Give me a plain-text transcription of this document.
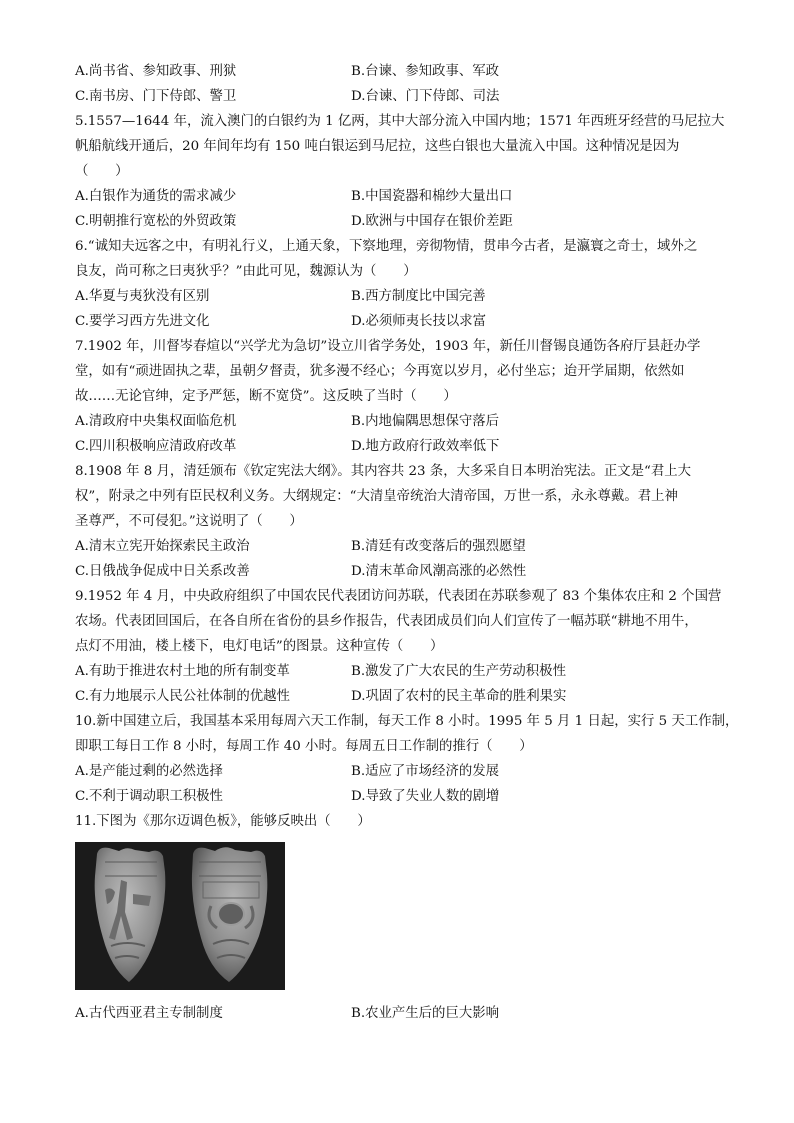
A.尚书省、参知政事、刑狱	B.台谏、参知政事、军政
C.南书房、门下侍郎、警卫	D.台谏、门下侍郎、司法
5.1557—1644 年，流入澳门的白银约为 1 亿两，其中大部分流入中国内地；1571 年西班牙经营的马尼拉大
帆船航线开通后，20 年间年均有 150 吨白银运到马尼拉，这些白银也大量流入中国。这种情况是因为
（　　）
A.白银作为通货的需求减少	B.中国瓷器和棉纱大量出口
C.明朝推行宽松的外贸政策	D.欧洲与中国存在银价差距
6.“诚知夫远客之中，有明礼行义，上通天象，下察地理，旁彻物情，贯串今古者，是瀛寰之奇士，域外之
良友，尚可称之曰夷狄乎？”由此可见，魏源认为（　　）
A.华夏与夷狄没有区别	B.西方制度比中国完善
C.要学习西方先进文化	D.必须师夷长技以求富
7.1902 年，川督岑春煊以“兴学尤为急切”设立川省学务处，1903 年，新任川督锡良通饬各府厅县赶办学
堂，如有“顽进固执之辈，虽朝夕督责，犹多漫不经心；今再宽以岁月，必付坐忘；迨开学届期，依然如
故……无论官绅，定予严惩，断不宽贷”。这反映了当时（　　）
A.清政府中央集权面临危机	B.内地偏隅思想保守落后
C.四川积极响应清政府改革	D.地方政府行政效率低下
8.1908 年 8 月，清廷颁布《钦定宪法大纲》。其内容共 23 条，大多采自日本明治宪法。正文是“君上大
权”，附录之中列有臣民权利义务。大纲规定：“大清皇帝统治大清帝国，万世一系，永永尊戴。君上神
圣尊严，不可侵犯。”这说明了（　　）
A.清末立宪开始探索民主政治	B.清廷有改变落后的强烈愿望
C.日俄战争促成中日关系改善	D.清末革命风潮高涨的必然性
9.1952 年 4 月，中央政府组织了中国农民代表团访问苏联，代表团在苏联参观了 83 个集体农庄和 2 个国营
农场。代表团回国后，在各自所在省份的县乡作报告，代表团成员们向人们宣传了一幅苏联“耕地不用牛，
点灯不用油，楼上楼下，电灯电话”的图景。这种宣传（　　）
A.有助于推进农村土地的所有制变革	B.激发了广大农民的生产劳动积极性
C.有力地展示人民公社体制的优越性	D.巩固了农村的民主革命的胜利果实
10.新中国建立后，我国基本采用每周六天工作制，每天工作 8 小时。1995 年 5 月 1 日起，实行 5 天工作制，
即职工每日工作 8 小时，每周工作 40 小时。每周五日工作制的推行（　　）
A.是产能过剩的必然选择	B.适应了市场经济的发展
C.不利于调动职工积极性	D.导致了失业人数的剧增
11.下图为《那尔迈调色板》，能够反映出（　　）
A.古代西亚君主专制制度	B.农业产生后的巨大影响
